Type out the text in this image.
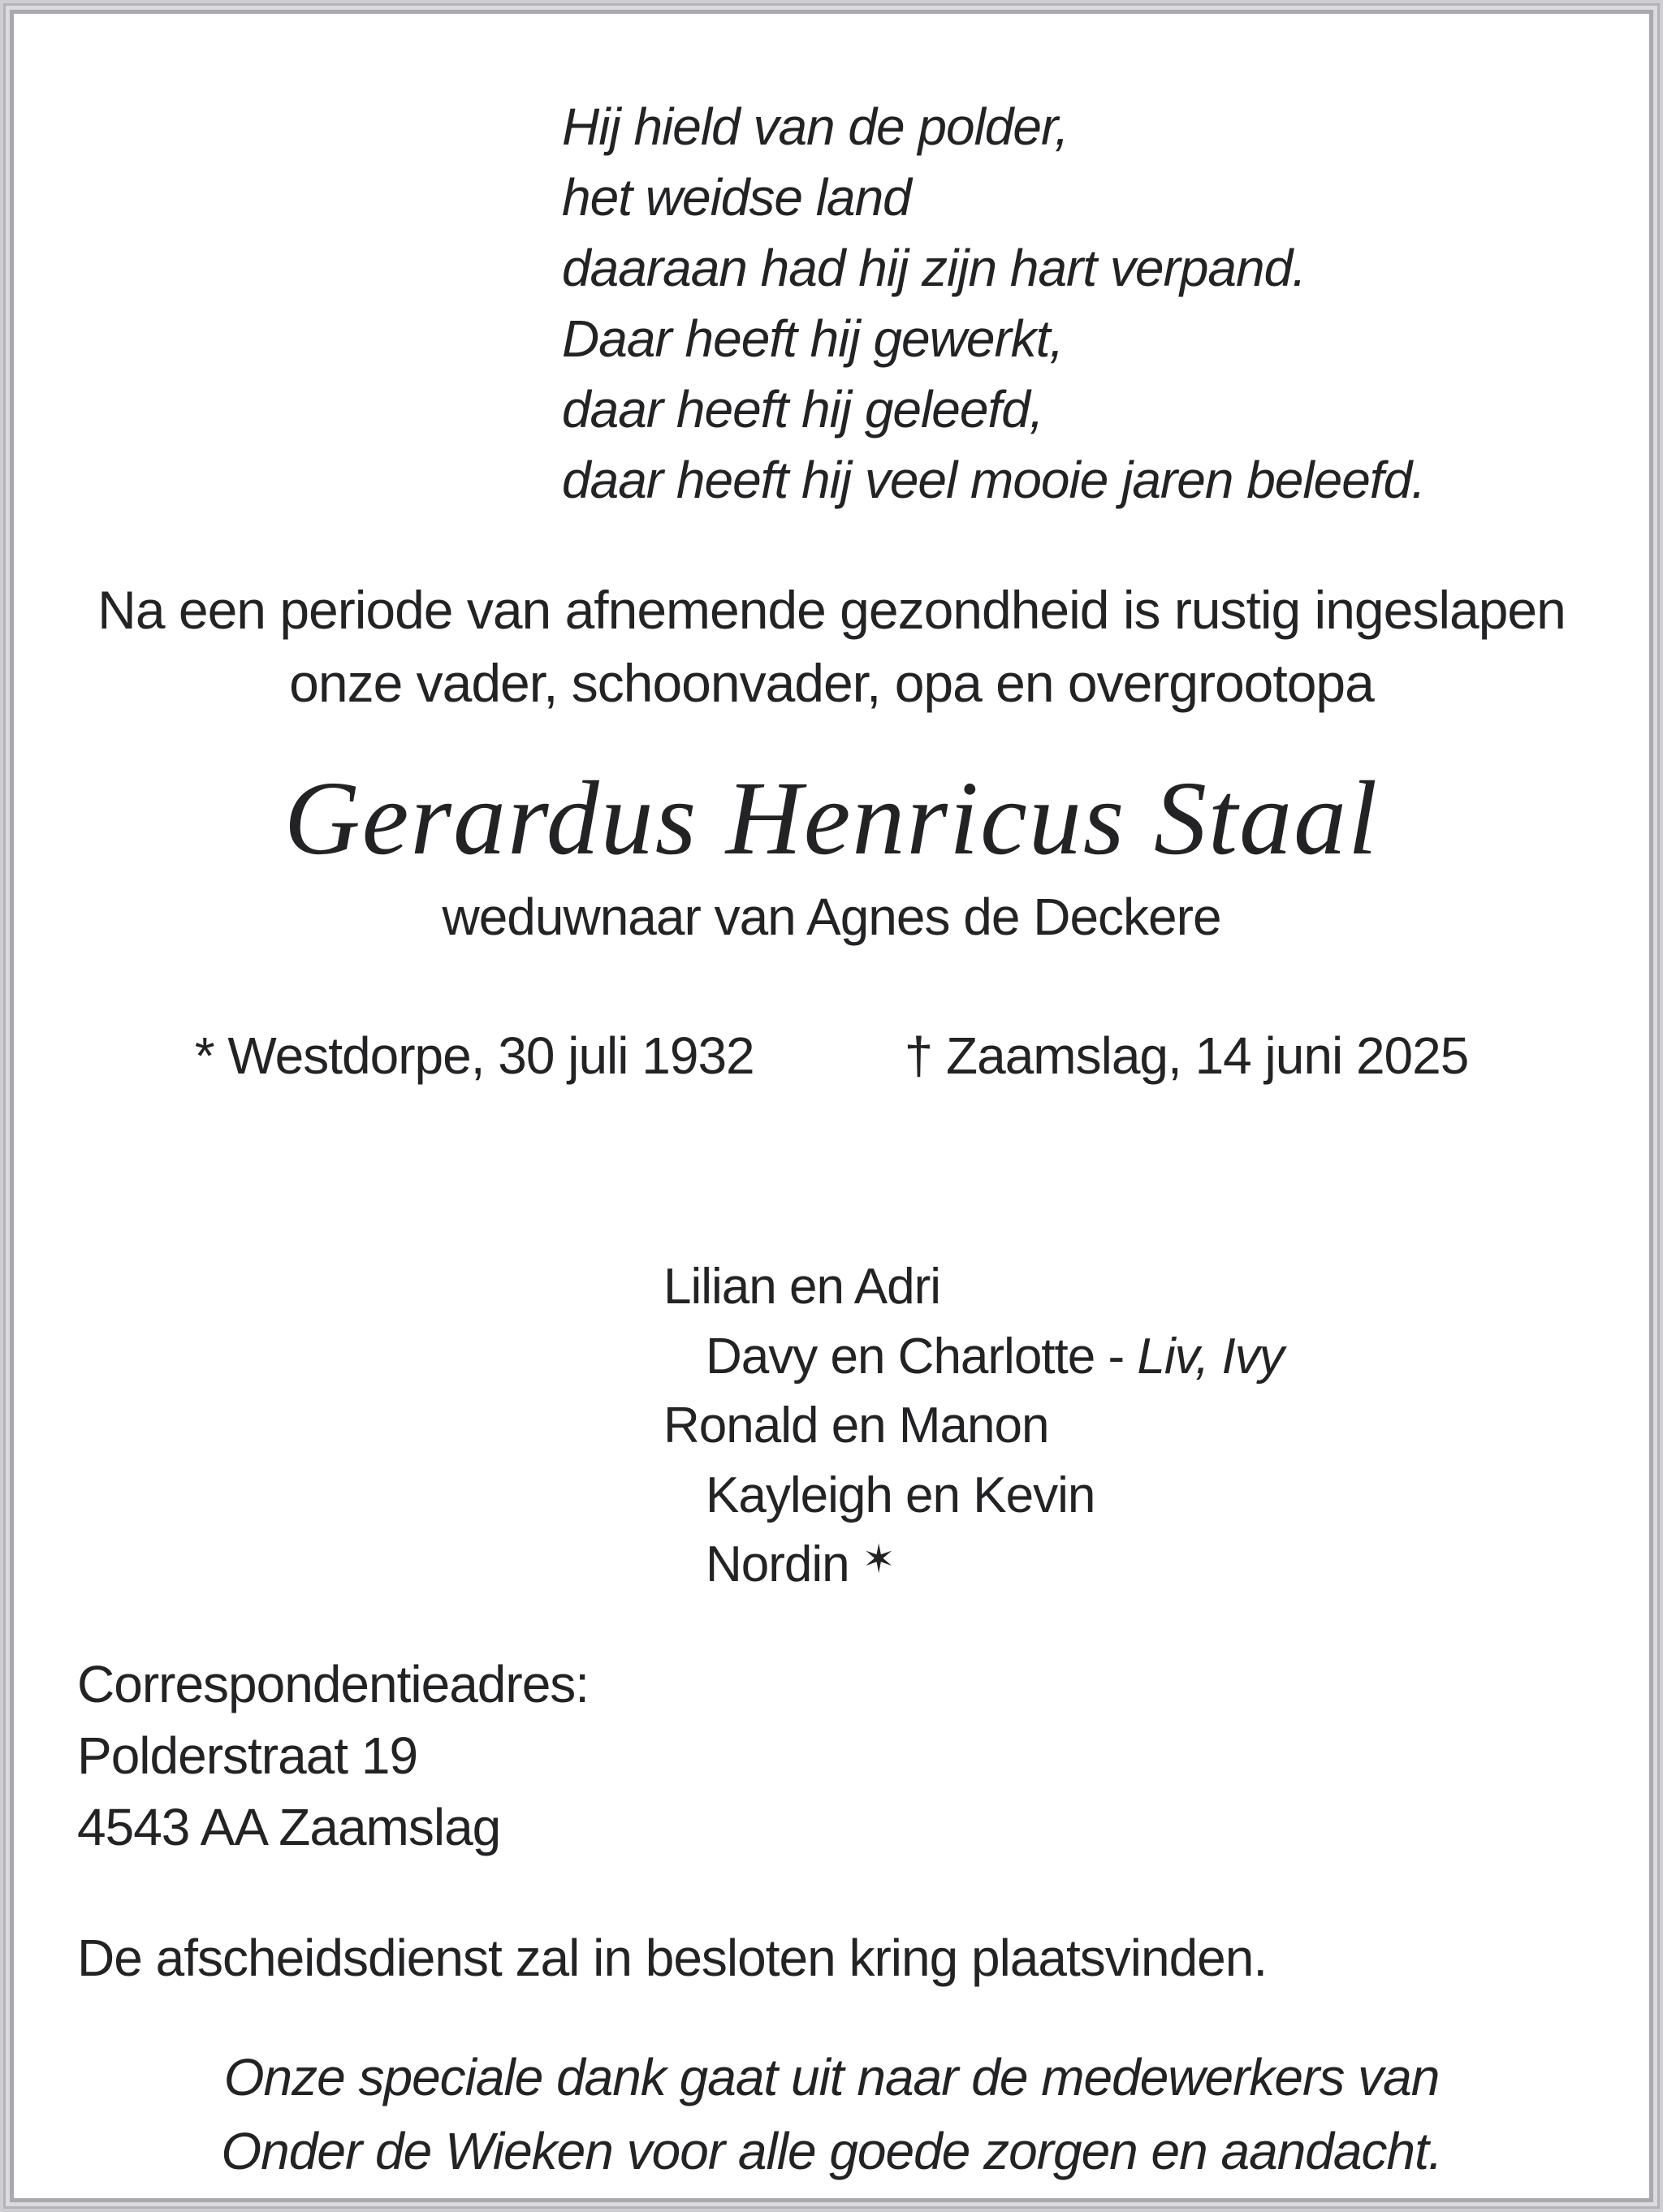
Hij hield van de polder,
het weidse land
daaraan had hij zijn hart verpand.
Daar heeft hij gewerkt,
daar heeft hij geleefd,
daar heeft hij veel mooie jaren beleefd.

Na een periode van afnemende gezondheid is rustig ingeslapen onze vader, schoonvader, opa en overgrootopa

Gerardus Henricus Staal

weduwnaar van Agnes de Deckere

* Westdorpe, 30 juli 1932	† Zaamslag, 14 juni 2025
Lilian en Adri
Davy en Charlotte - Liv, Ivy
Ronald en Manon
Kayleigh en Kevin
Nordin ✶
Correspondentieadres:
Polderstraat 19
4543 AA Zaamslag

De afscheidsdienst zal in besloten kring plaatsvinden.

Onze speciale dank gaat uit naar de medewerkers van
Onder de Wieken voor alle goede zorgen en aandacht.
